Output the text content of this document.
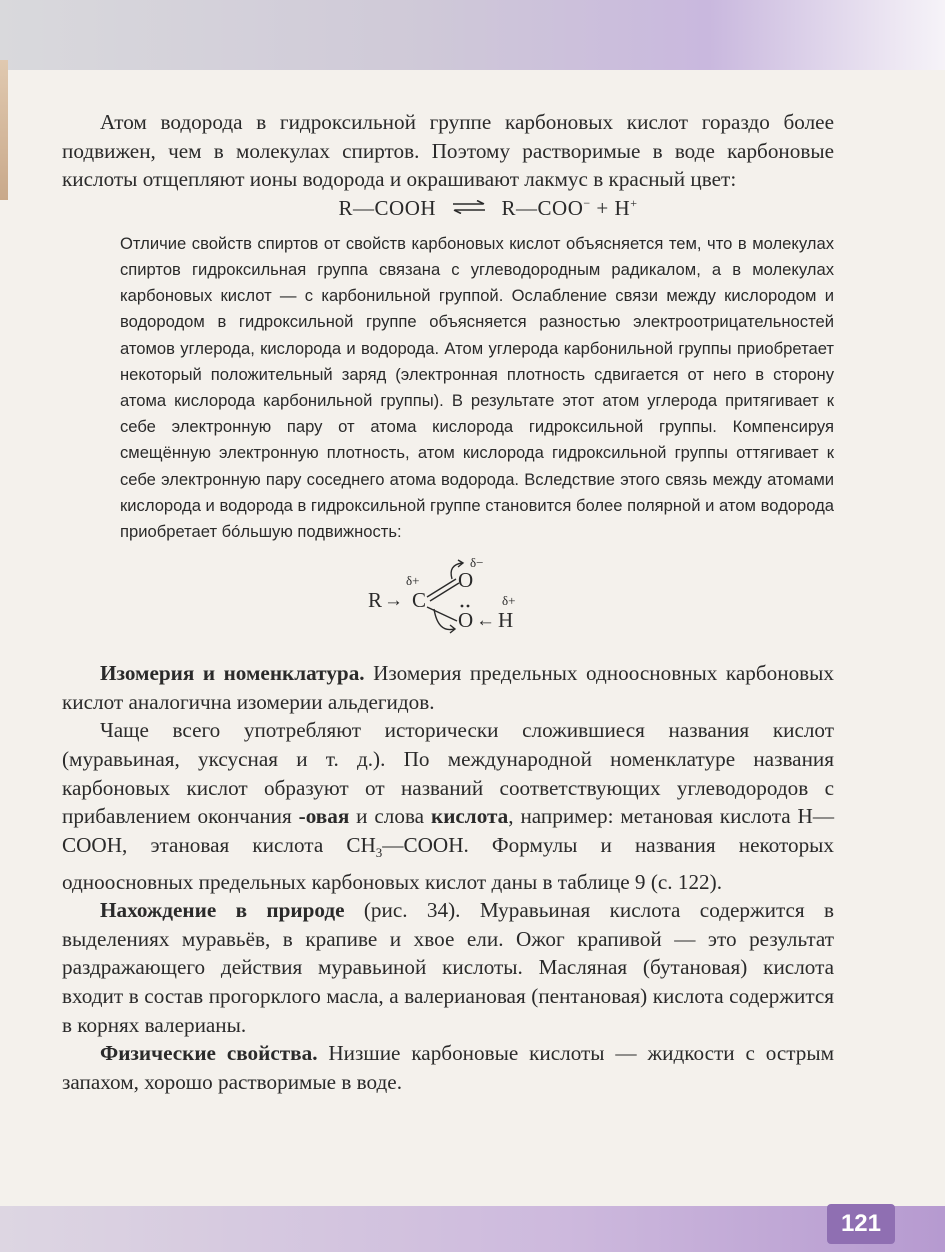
Атом водорода в гидроксильной группе карбоновых кислот гораздо более подвижен, чем в молекулах спиртов. Поэтому растворимые в воде карбоновые кислоты отщепляют ионы водорода и окрашивают лакмус в красный цвет:

R—COOH ⇌ R—COO− + H+

Отличие свойств спиртов от свойств карбоновых кислот объясняется тем, что в молекулах спиртов гидроксильная группа связана с углеводородным радикалом, а в молекулах карбоновых кислот — с карбонильной группой. Ослабление связи между кислородом и водородом в гидроксильной группе объясняется разностью электроотрицательностей атомов углерода, кислорода и водорода. Атом углерода карбонильной группы приобретает некоторый положительный заряд (электронная плотность сдвигается от него в сторону атома кислорода карбонильной группы). В результате этот атом углерода притягивает к себе электронную пару от атома кислорода гидроксильной группы. Компенсируя смещённую электронную плотность, атом кислорода гидроксильной группы оттягивает к себе электронную пару соседнего атома водорода. Вследствие этого связь между атомами кислорода и водорода в гидроксильной группе становится более полярной и атом водорода приобретает бóльшую подвижность:

R → C
δ+ O
δ−
O ← H
δ+

Изомерия и номенклатура. Изомерия предельных одноосновных карбоновых кислот аналогична изомерии альдегидов.

Чаще всего употребляют исторически сложившиеся названия кислот (муравьиная, уксусная и т. д.). По международной номенклатуре названия карбоновых кислот образуют от названий соответствующих углеводородов с прибавлением окончания -овая и слова кислота, например: метановая кислота H—COOH, этановая кислота $CH_3—COOH$. Формулы и названия некоторых одноосновных предельных карбоновых кислот даны в таблице 9 (с. 122).

Нахождение в природе (рис. 34). Муравьиная кислота содержится в выделениях муравьёв, в крапиве и хвое ели. Ожог крапивой — это результат раздражающего действия муравьиной кислоты. Масляная (бутановая) кислота входит в состав прогорклого масла, а валериановая (пентановая) кислота содержится в корнях валерианы.

Физические свойства. Низшие карбоновые кислоты — жидкости с острым запахом, хорошо растворимые в воде.

121
